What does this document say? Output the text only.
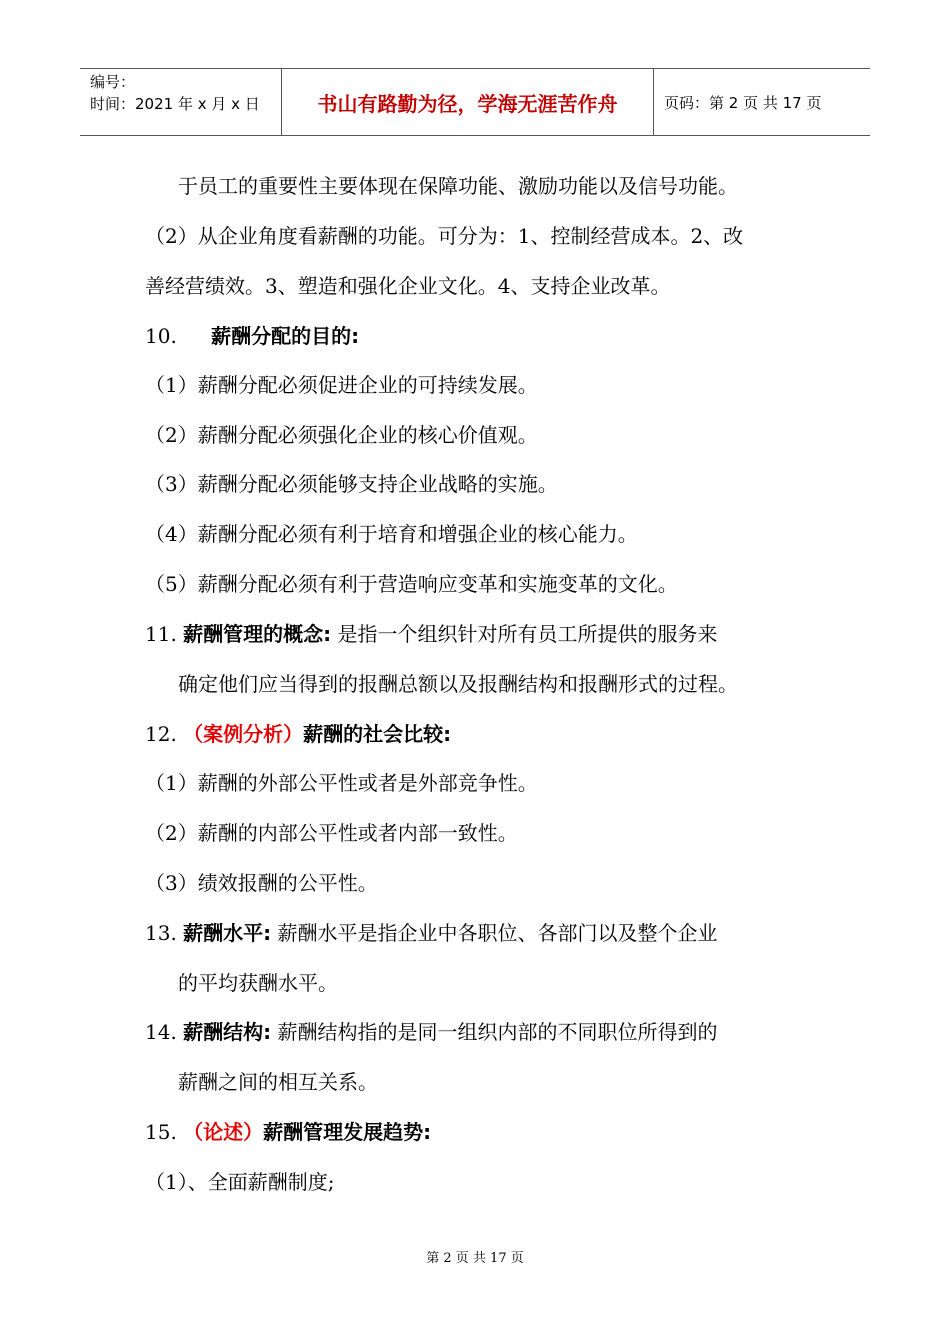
编号：
时间：2021 年 x 月 x 日	书山有路勤为径，学海无涯苦作舟	页码：第 2 页 共 17 页
于员工的重要性主要体现在保障功能、激励功能以及信号功能。
（2）从企业角度看薪酬的功能。可分为：1、控制经营成本。2、改
善经营绩效。3、塑造和强化企业文化。4、支持企业改革。
10. 薪酬分配的目的:
（1）薪酬分配必须促进企业的可持续发展。
（2）薪酬分配必须强化企业的核心价值观。
（3）薪酬分配必须能够支持企业战略的实施。
（4）薪酬分配必须有利于培育和增强企业的核心能力。
（5）薪酬分配必须有利于营造响应变革和实施变革的文化。
11. 薪酬管理的概念: 是指一个组织针对所有员工所提供的服务来
确定他们应当得到的报酬总额以及报酬结构和报酬形式的过程。
12. （案例分析）薪酬的社会比较:
（1）薪酬的外部公平性或者是外部竞争性。
（2）薪酬的内部公平性或者内部一致性。
（3）绩效报酬的公平性。
13. 薪酬水平: 薪酬水平是指企业中各职位、各部门以及整个企业
的平均获酬水平。
14. 薪酬结构: 薪酬结构指的是同一组织内部的不同职位所得到的
薪酬之间的相互关系。
15. （论述）薪酬管理发展趋势:
（1）、全面薪酬制度;
第 2 页 共 17 页
